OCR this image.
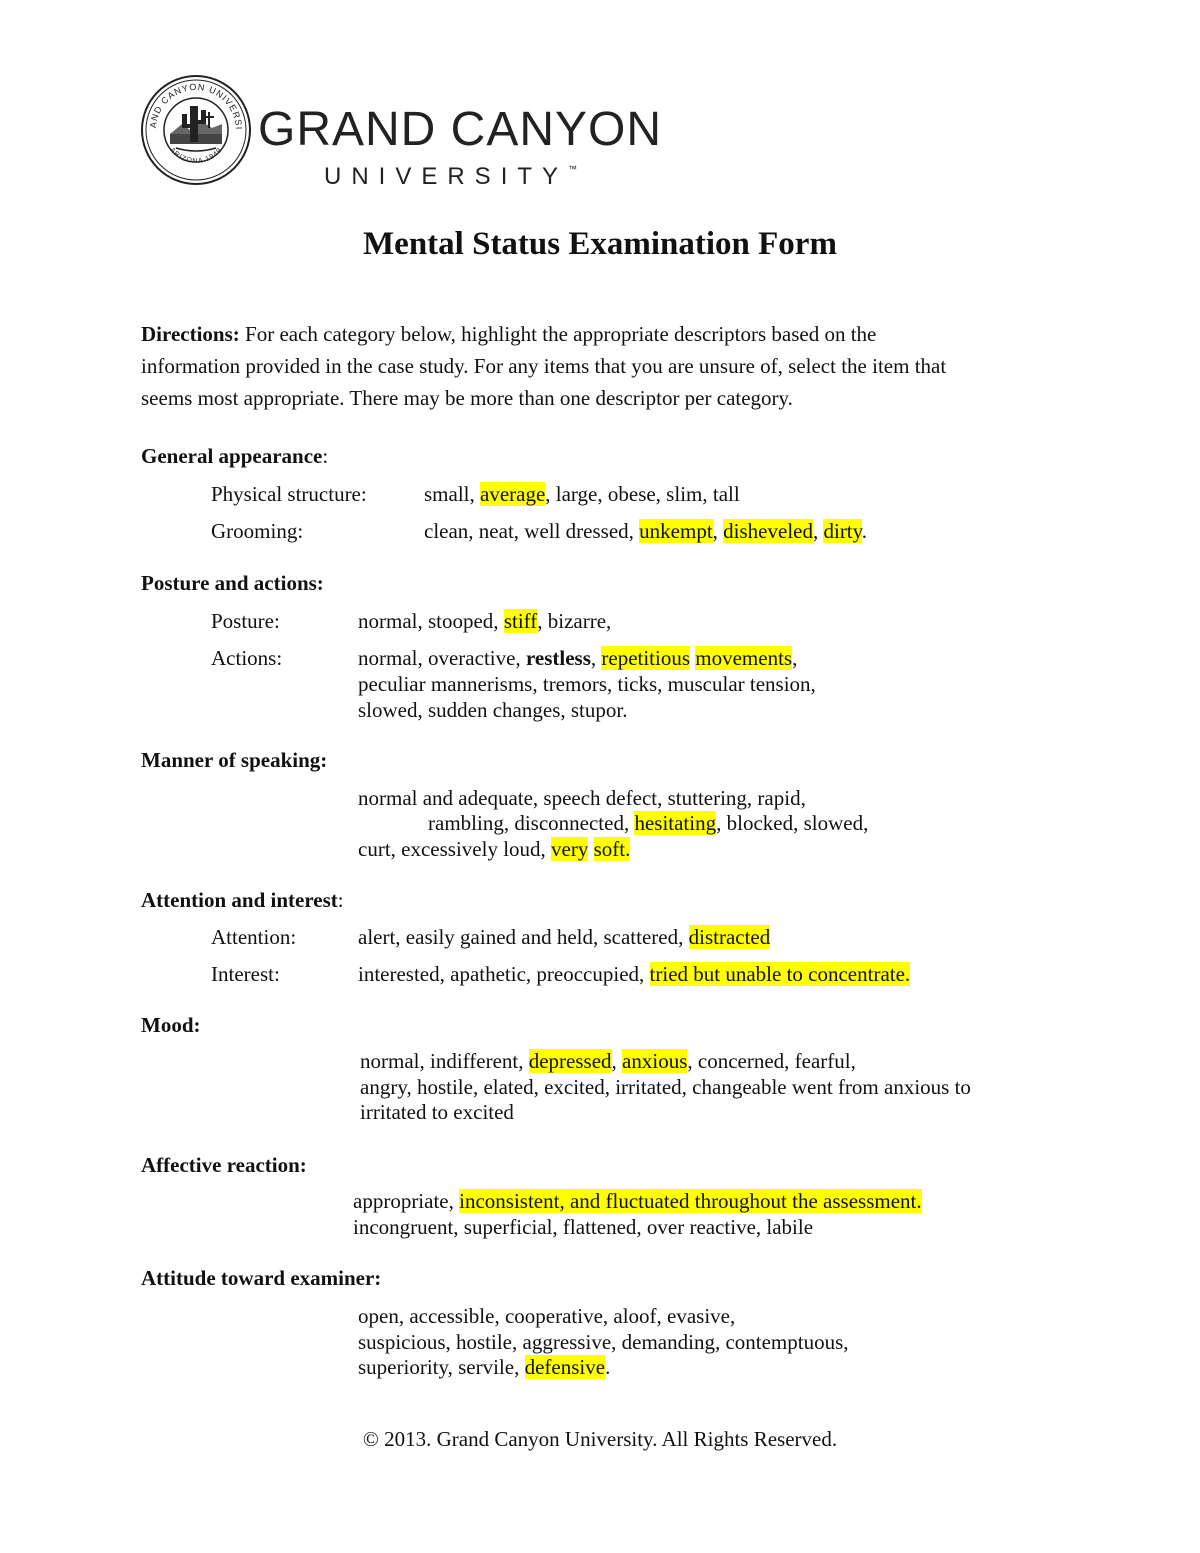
AND CANYON UNIVERSI
ARIZONA 1949 GRAND CANYON
UNIVERSITY™
Mental Status Examination Form
Directions: For each category below, highlight the appropriate descriptors based on the
information provided in the case study. For any items that you are unsure of, select the item that
seems most appropriate. There may be more than one descriptor per category.
General appearance:
Physical structure:	small, average, large, obese, slim, tall
Grooming:	clean, neat, well dressed, unkempt, disheveled, dirty.
Posture and actions:
Posture:	normal, stooped, stiff, bizarre,
Actions:	normal, overactive, restless, repetitious movements,
peculiar mannerisms, tremors, ticks, muscular tension,
slowed, sudden changes, stupor.
Manner of speaking:
normal and adequate, speech defect, stuttering, rapid,
rambling, disconnected, hesitating, blocked, slowed,
curt, excessively loud, very soft.
Attention and interest:
Attention:	alert, easily gained and held, scattered, distracted
Interest:	interested, apathetic, preoccupied, tried but unable to concentrate.
Mood:
normal, indifferent, depressed, anxious, concerned, fearful,
angry, hostile, elated, excited, irritated, changeable went from anxious to
irritated to excited
Affective reaction:
appropriate, inconsistent, and fluctuated throughout the assessment.
incongruent, superficial, flattened, over reactive, labile
Attitude toward examiner:
open, accessible, cooperative, aloof, evasive,
suspicious, hostile, aggressive, demanding, contemptuous,
superiority, servile, defensive.
© 2013. Grand Canyon University. All Rights Reserved.
